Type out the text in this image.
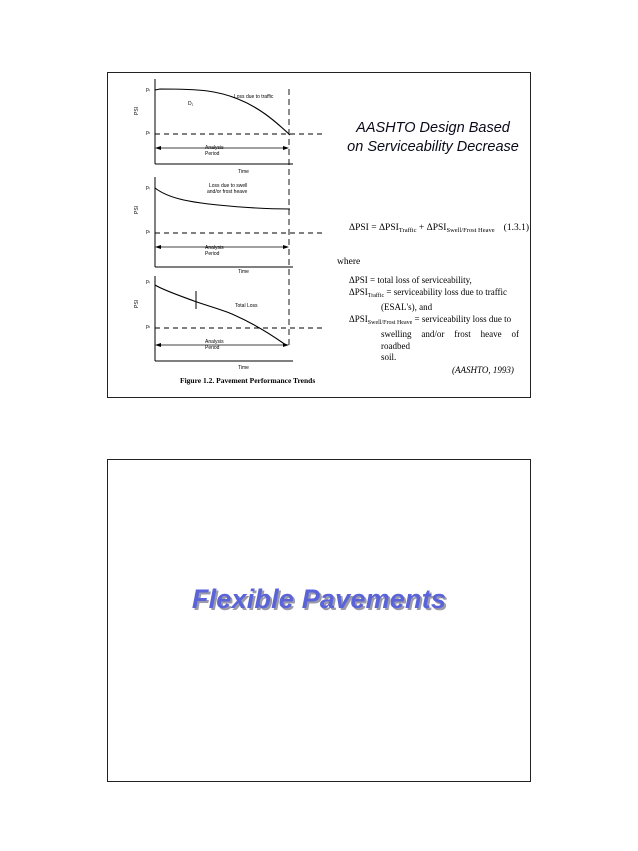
pᵢ
pₜ
PSI
D₁
Loss due to traffic
Analysis
Period
Time
pᵢ
pₜ
PSI
Loss due to swell
and/or frost heave
Analysis
Period
Time
pᵢ
pₜ
PSI	Total Loss
Analysis
Period
Time
AASHTO Design Based
on Serviceability Decrease
$\Delta PSI = \Delta PSI_{Traffic} + \Delta PSI_{Swell/Frost Heave}$ (1.3.1)
where
ΔPSI = total loss of serviceability,
$\Delta PSI_{Traffic}$ = serviceability loss due to traffic
(ESAL's), and
$\Delta PSI_{Swell/Frost Heave}$ = serviceability loss due to
swelling and/or frost heave of roadbed
soil.
(AASHTO, 1993)
Figure 1.2. Pavement Performance Trends
Flexible Pavements
